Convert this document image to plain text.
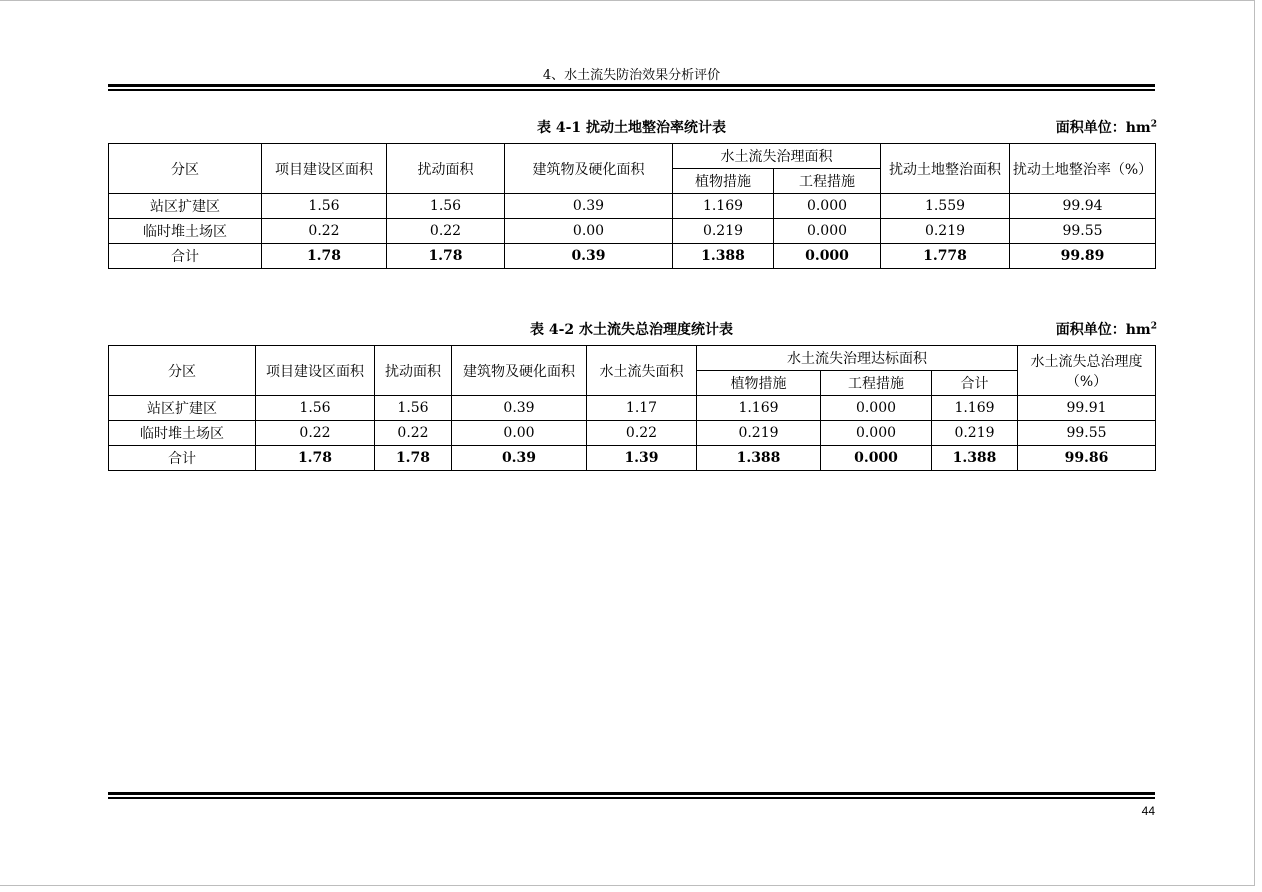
4、水土流失防治效果分析评价
表 4-1 扰动土地整治率统计表	面积单位：$hm^2$
分区	项目建设区面积	扰动面积	建筑物及硬化面积	水土流失治理面积		扰动土地整治面积	扰动土地整治率（%）
				植物措施	工程措施		
站区扩建区	1.56	1.56	0.39	1.169	0.000	1.559	99.94
临时堆土场区	0.22	0.22	0.00	0.219	0.000	0.219	99.55
合计	1.78	1.78	0.39	1.388	0.000	1.778	99.89
表 4-2 水土流失总治理度统计表	面积单位：$hm^2$
分区	项目建设区面积	扰动面积	建筑物及硬化面积	水土流失面积	水土流失治理达标面积			水土流失总治理度
（%）

					植物措施	工程措施	合计	
站区扩建区	1.56	1.56	0.39	1.17	1.169	0.000	1.169	99.91
临时堆土场区	0.22	0.22	0.00	0.22	0.219	0.000	0.219	99.55
合计	1.78	1.78	0.39	1.39	1.388	0.000	1.388	99.86
44
